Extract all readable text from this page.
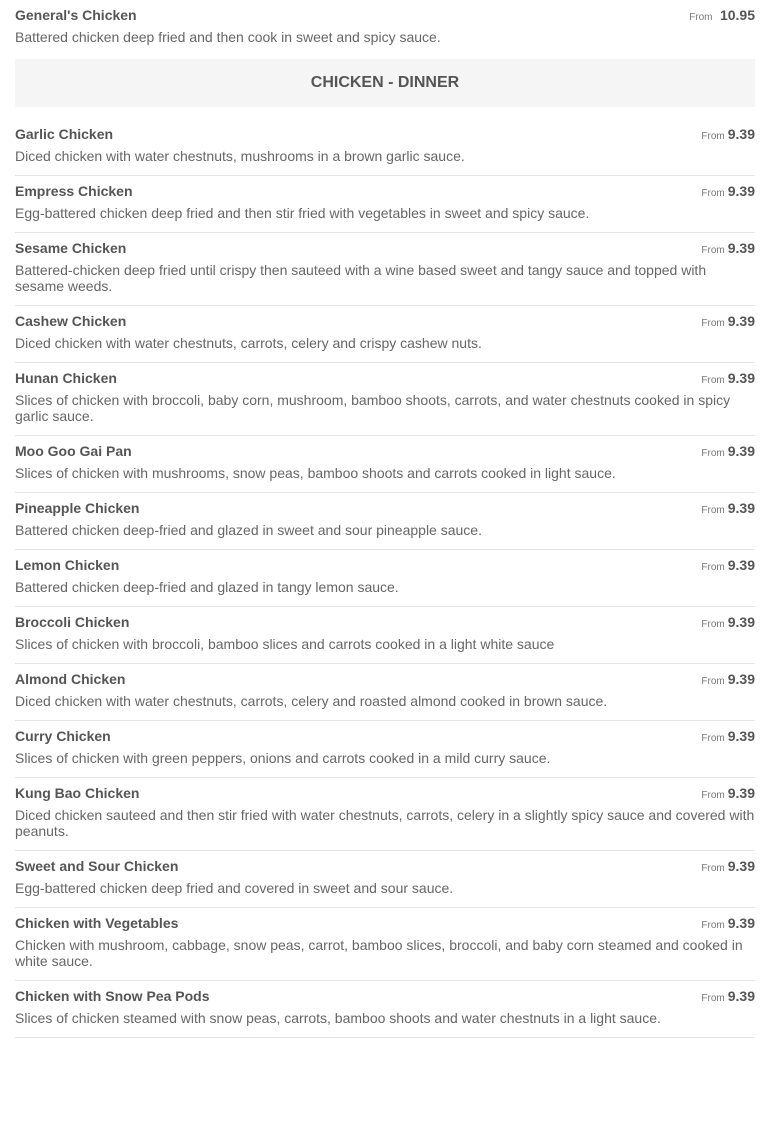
General's Chicken	From 10.95
Battered chicken deep fried and then cook in sweet and spicy sauce.
CHICKEN - DINNER
Garlic Chicken	From 9.39
Diced chicken with water chestnuts, mushrooms in a brown garlic sauce.
Empress Chicken	From 9.39
Egg-battered chicken deep fried and then stir fried with vegetables in sweet and spicy sauce.
Sesame Chicken	From 9.39
Battered-chicken deep fried until crispy then sauteed with a wine based sweet and tangy sauce and topped with sesame weeds.
Cashew Chicken	From 9.39
Diced chicken with water chestnuts, carrots, celery and crispy cashew nuts.
Hunan Chicken	From 9.39
Slices of chicken with broccoli, baby corn, mushroom, bamboo shoots, carrots, and water chestnuts cooked in spicy garlic sauce.
Moo Goo Gai Pan	From 9.39
Slices of chicken with mushrooms, snow peas, bamboo shoots and carrots cooked in light sauce.
Pineapple Chicken	From 9.39
Battered chicken deep-fried and glazed in sweet and sour pineapple sauce.
Lemon Chicken	From 9.39
Battered chicken deep-fried and glazed in tangy lemon sauce.
Broccoli Chicken	From 9.39
Slices of chicken with broccoli, bamboo slices and carrots cooked in a light white sauce
Almond Chicken	From 9.39
Diced chicken with water chestnuts, carrots, celery and roasted almond cooked in brown sauce.
Curry Chicken	From 9.39
Slices of chicken with green peppers, onions and carrots cooked in a mild curry sauce.
Kung Bao Chicken	From 9.39
Diced chicken sauteed and then stir fried with water chestnuts, carrots, celery in a slightly spicy sauce and covered with peanuts.
Sweet and Sour Chicken	From 9.39
Egg-battered chicken deep fried and covered in sweet and sour sauce.
Chicken with Vegetables	From 9.39
Chicken with mushroom, cabbage, snow peas, carrot, bamboo slices, broccoli, and baby corn steamed and cooked in white sauce.
Chicken with Snow Pea Pods	From 9.39
Slices of chicken steamed with snow peas, carrots, bamboo shoots and water chestnuts in a light sauce.
